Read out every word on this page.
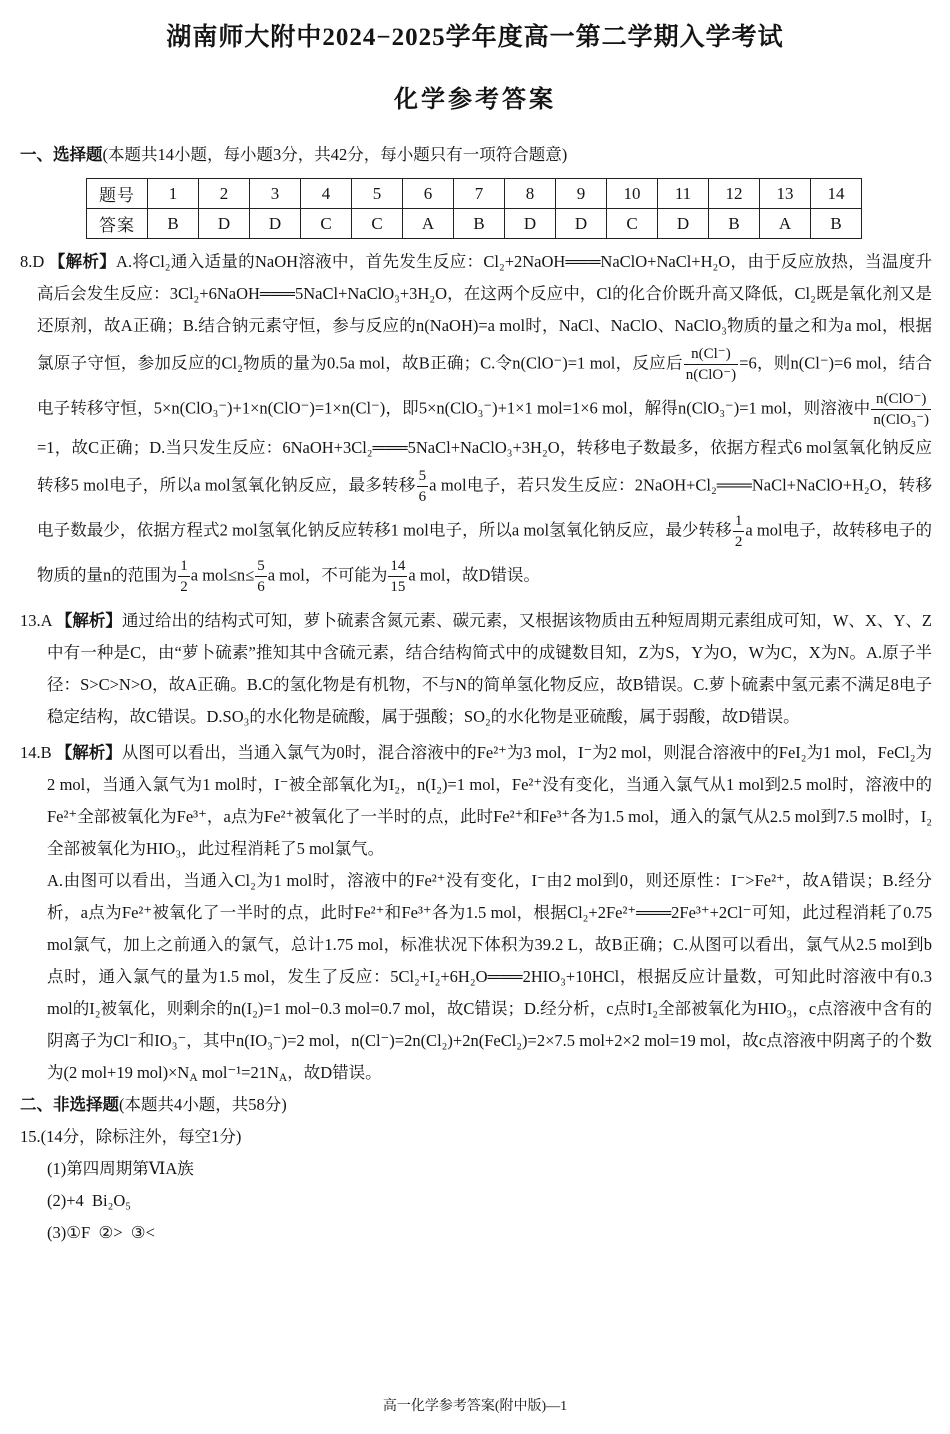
湖南师大附中2024−2025学年度高一第二学期入学考试
化学参考答案
一、选择题(本题共14小题，每小题3分，共42分，每小题只有一项符合题意)
题号	1	2	3	4	5	6	7	8	9	10	11	12	13	14
答案	B	D	D	C	C	A	B	D	D	C	D	B	A	B

8.D 【解析】A.将Cl₂通入适量的NaOH溶液中，首先发生反应：Cl₂+2NaOH═══NaClO+NaCl+H₂O，由于反应放热，当温度升高后会发生反应：3Cl₂+6NaOH═══5NaCl+NaClO₃+3H₂O，在这两个反应中，Cl的化合价既升高又降低，Cl₂既是氧化剂又是还原剂，故A正确；B.结合钠元素守恒，参与反应的n(NaOH)=a mol时，NaCl、NaClO、NaClO₃物质的量之和为a mol，根据氯原子守恒，参加反应的Cl₂物质的量为0.5a mol，故B正确；C.令n(ClO⁻)=1 mol，反应后 $\frac{n(Cl^-)}{\text{n(ClO⁻)}} =6$，则n(Cl⁻)=6 mol，结合电子转移守恒，5×n(ClO₃⁻)+1×n(ClO⁻)=1×n(Cl⁻)，即5×n(ClO₃⁻)+1×1 mol=1×6 mol，解得n(ClO₃⁻)=1 mol，则溶液中 $\frac{\text{n(ClO⁻)}}{\text{n(ClO₃⁻)}}$
=1，故C正确；D.当只发生反应：6NaOH+3Cl₂═══5NaCl+NaClO₃+3H₂O，转移电子数最多，依据方程式6 mol氢氧化钠反应转移5 mol电子，所以a mol氢氧化钠反应，最多转移 $\frac{5}{6}$ a mol电子，若只发生反应：2NaOH+Cl₂═══NaCl+NaClO+H₂O，转移电子数最少，依据方程式2 mol氢氧化钠反应转移1 mol电子，所以a mol氢氧化钠反应，最少转移 $\frac{1}{2}$ a mol电子，故转移电子的物质的量n的范围为 $\frac{1}{2}$ a $mol\le n\le \frac{5}{6}$ a mol，不可能为 $\frac{14}{15}$ a mol，故D错误。

13.A 【解析】通过给出的结构式可知，萝卜硫素含氮元素、碳元素，又根据该物质由五种短周期元素组成可知，W、X、Y、Z中有一种是C，由“萝卜硫素”推知其中含硫元素，结合结构简式中的成键数目知，Z为S，Y为O，W为C，X为N。A.原子半径：S>C>N>O，故A正确。B.C的氢化物是有机物，不与N的简单氢化物反应，故B错误。C.萝卜硫素中氢元素不满足8电子稳定结构，故C错误。D.SO₃的水化物是硫酸，属于强酸；SO₂的水化物是亚硫酸，属于弱酸，故D错误。

14.B 【解析】从图可以看出，当通入氯气为0时，混合溶液中的Fe²⁺为3 mol，I⁻为2 mol，则混合溶液中的FeI₂为1 mol，FeCl₂为2 mol，当通入氯气为1 mol时，I⁻被全部氧化为I₂，n(I₂)=1 mol，Fe²⁺没有变化，当通入氯气从1 mol到2.5 mol时，溶液中的Fe²⁺全部被氧化为Fe³⁺，a点为Fe²⁺被氧化了一半时的点，此时Fe²⁺和Fe³⁺各为1.5 mol，通入的氯气从2.5 mol到7.5 mol时，I₂全部被氧化为HIO₃，此过程消耗了5 mol氯气。

A.由图可以看出，当通入Cl₂为1 mol时，溶液中的Fe²⁺没有变化，I⁻由2 mol到0，则还原性：I⁻>Fe²⁺，故A错误；B.经分析，a点为Fe²⁺被氧化了一半时的点，此时Fe²⁺和Fe³⁺各为1.5 mol，根据Cl₂+2Fe²⁺═══2Fe³⁺+2Cl⁻可知，此过程消耗了0.75 mol氯气，加上之前通入的氯气，总计1.75 mol，标准状况下体积为39.2 L，故B正确；C.从图可以看出，氯气从2.5 mol到b点时，通入氯气的量为1.5 mol，发生了反应：5Cl₂+I₂+6H₂O═══2HIO₃+10HCl，根据反应计量数，可知此时溶液中有0.3 mol的I₂被氧化，则剩余的n(I₂)=1 mol−0.3 mol=0.7 mol，故C错误；D.经分析，c点时I₂全部被氧化为HIO₃，c点溶液中含有的阴离子为Cl⁻和IO₃⁻，其中n(IO₃⁻)=2 mol，n(Cl⁻)=2n(Cl₂)+2n(FeCl₂)=2×7.5 mol+2×2 mol=19 mol，故c点溶液中阴离子的个数为(2 mol+19 $mol)\times N_A$ $mol^{-1}=21N_A$，故D错误。

二、非选择题(本题共4小题，共58分)

15.(14分，除标注外，每空1分)

(1)第四周期第ⅥA族

(2)+4  Bi₂O₅

(3)①F  ②>  ③<

高一化学参考答案(附中版)—1
